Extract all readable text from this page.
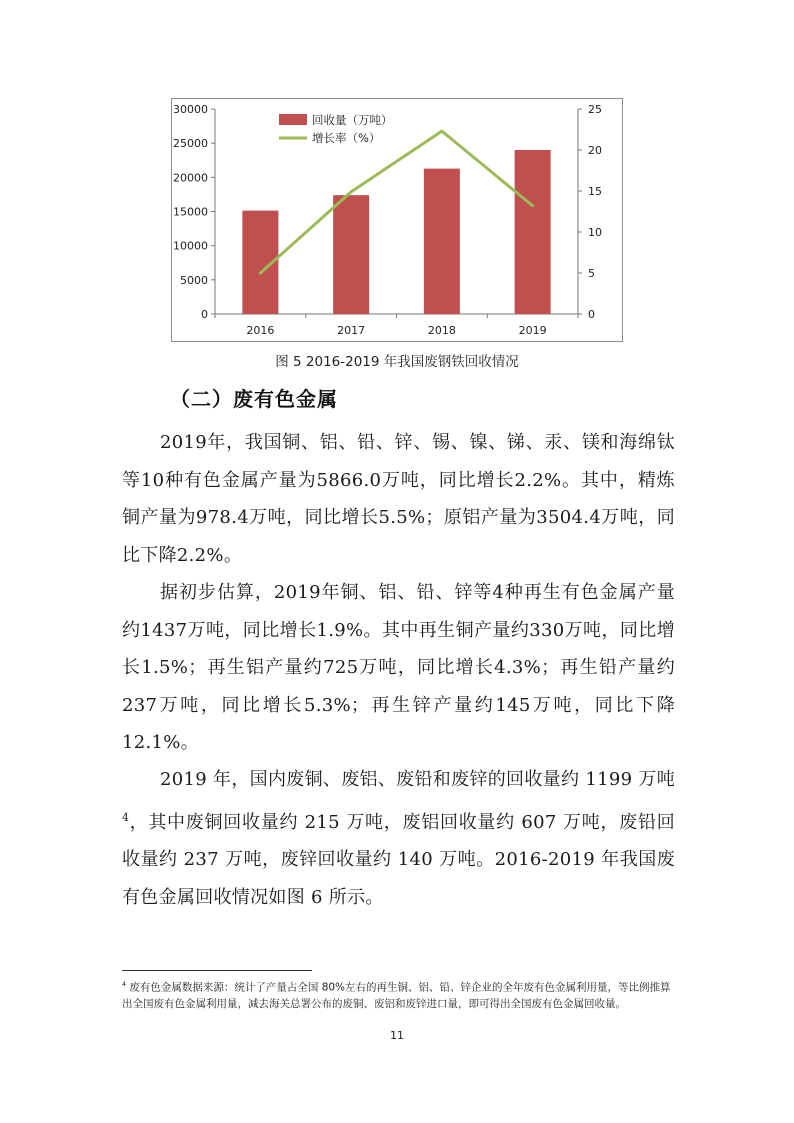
0
5000
10000
15000
20000
25000
30000
0
5
10
15
20
25
2016	2017	2018	2019
回收量（万吨）
增长率（%）
图 5 2016-2019 年我国废钢铁回收情况
（二）废有色金属

2019年，我国铜、铝、铅、锌、锡、镍、锑、汞、镁和海绵钛等10种有色金属产量为5866.0万吨，同比增长2.2%。其中，精炼铜产量为978.4万吨，同比增长5.5%；原铝产量为3504.4万吨，同比下降2.2%。

据初步估算，2019年铜、铝、铅、锌等4种再生有色金属产量约1437万吨，同比增长1.9%。其中再生铜产量约330万吨，同比增长1.5%；再生铝产量约725万吨，同比增长4.3%；再生铅产量约237万吨，同比增长5.3%；再生锌产量约145万吨，同比下降12.1%。

2019 年，国内废铜、废铝、废铅和废锌的回收量约 1199 万吨$^4$，其中废铜回收量约 215 万吨，废铝回收量约 607 万吨，废铅回收量约 237 万吨，废锌回收量约 140 万吨。2016-2019 年我国废有色金属回收情况如图 6 所示。

$^4$ 废有色金属数据来源：统计了产量占全国 80%左右的再生铜、铝、铅、锌企业的全年废有色金属利用量，等比例推算出全国废有色金属利用量，减去海关总署公布的废铜、废铝和废锌进口量，即可得出全国废有色金属回收量。

11
